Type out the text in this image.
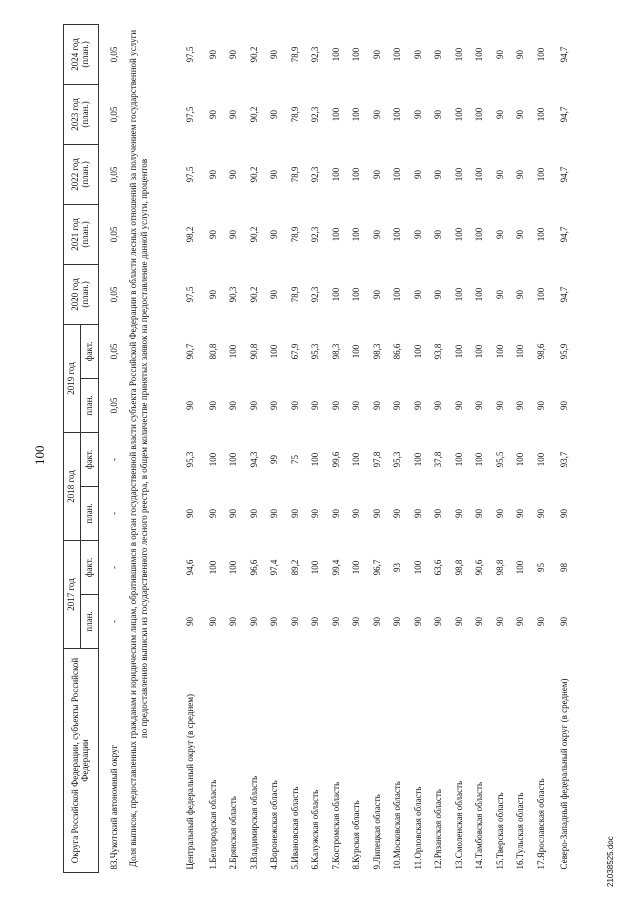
100
Округа Российской Федерации, субъекты Российской Федерации	2017 год		2018 год		2019 год		2020 год (план.)	2021 год (план.)	2022 год (план.)	2023 год (план.)	2024 год (план.)
	план.	факт.	план.	факт.	план.	факт.					

83.Чукотский автономный округ	-	-	-	-	0,05	0,05	0,05	0,05	0,05	0,05	0,05
Доля выписок, предоставленных гражданам и юридическим лицам, обратившимся в орган государственной власти субъекта Российской Федерации в области лесных отношений за получением государственной услуги по предоставлению выписки из государственного лесного реестра, в общем количестве принятых заявок на предоставление данной услуги, процентов											
Центральный федеральный округ (в среднем)	90	94,6	90	95,3	90	90,7	97,5	98,2	97,5	97,5	97,5
1.Белгородская область	90	100	90	100	90	80,8	90	90	90	90	90
2.Брянская область	90	100	90	100	90	100	90,3	90	90	90	90
3.Владимирская область	90	96,6	90	94,3	90	90,8	90,2	90,2	90,2	90,2	90,2
4.Воронежская область	90	97,4	90	99	90	100	90	90	90	90	90
5.Ивановская область	90	89,2	90	75	90	67,9	78,9	78,9	78,9	78,9	78,9
6.Калужская область	90	100	90	100	90	95,3	92,3	92,3	92,3	92,3	92,3
7.Костромская область	90	99,4	90	99,6	90	98,3	100	100	100	100	100
8.Курская область	90	100	90	100	90	100	100	100	100	100	100
9.Липецкая область	90	96,7	90	97,8	90	98,3	90	90	90	90	90
10.Московская область	90	93	90	95,3	90	86,6	100	100	100	100	100
11.Орловская область	90	100	90	100	90	100	90	90	90	90	90
12.Рязанская область	90	63,6	90	37,8	90	93,8	90	90	90	90	90
13.Смоленская область	90	98,8	90	100	90	100	100	100	100	100	100
14.Тамбовская область	90	90,6	90	100	90	100	100	100	100	100	100
15.Тверская область	90	98,8	90	95,5	90	100	90	90	90	90	90
16.Тульская область	90	100	90	100	90	100	90	90	90	90	90
17.Ярославская область	90	95	90	100	90	98,6	100	100	100	100	100
Северо-Западный федеральный округ (в среднем)	90	98	90	93,7	90	95,9	94,7	94,7	94,7	94,7	94,7
21038525.doc
